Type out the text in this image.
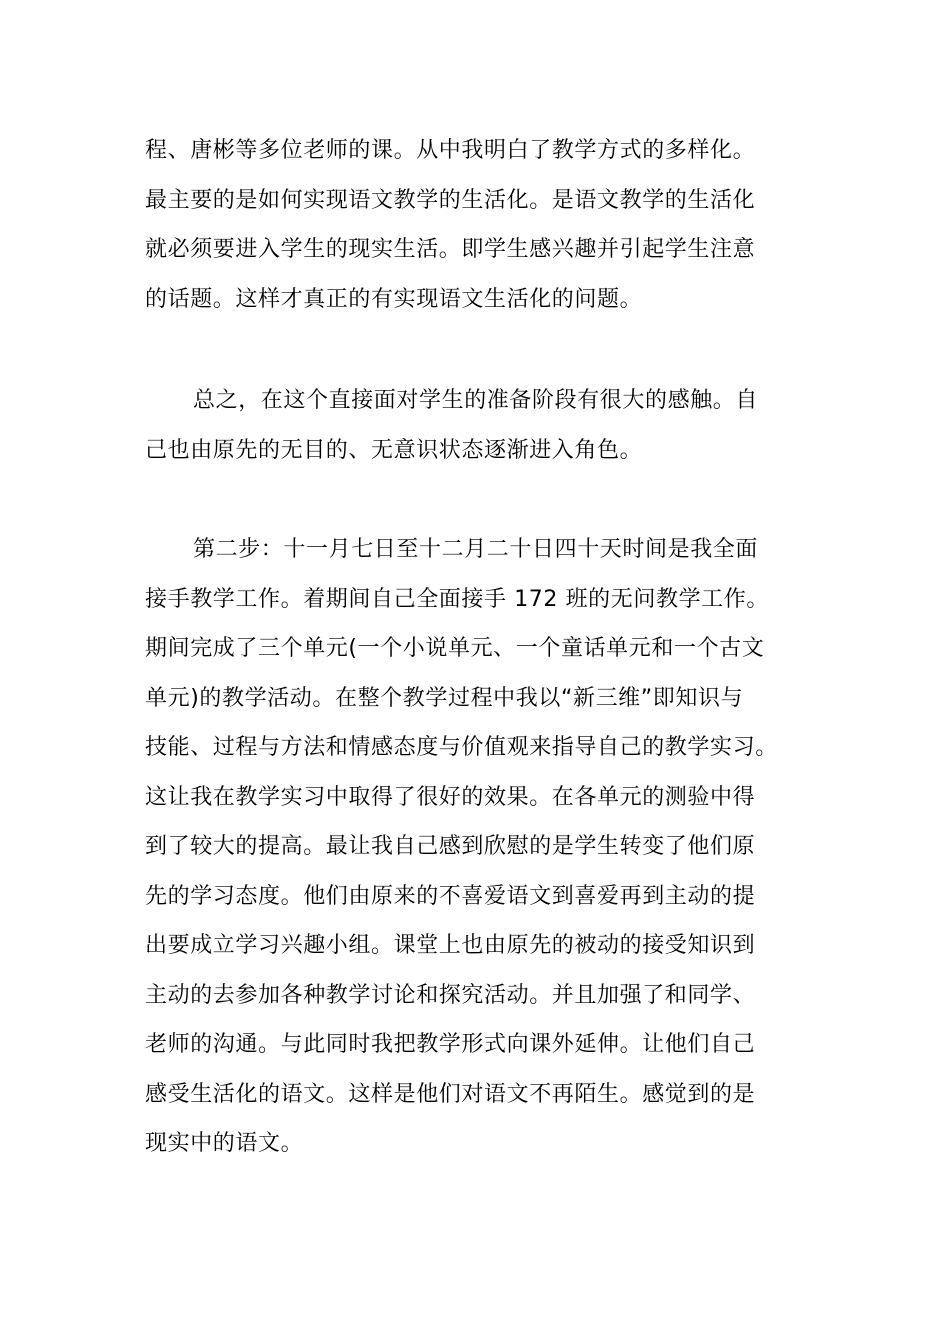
程、唐彬等多位老师的课。从中我明白了教学方式的多样化。
最主要的是如何实现语文教学的生活化。是语文教学的生活化
就必须要进入学生的现实生活。即学生感兴趣并引起学生注意
的话题。这样才真正的有实现语文生活化的问题。
总之，在这个直接面对学生的准备阶段有很大的感触。自
己也由原先的无目的、无意识状态逐渐进入角色。
第二步：十一月七日至十二月二十日四十天时间是我全面
接手教学工作。着期间自己全面接手 172 班的无问教学工作。
期间完成了三个单元(一个小说单元、一个童话单元和一个古文
单元)的教学活动。在整个教学过程中我以“新三维”即知识与
技能、过程与方法和情感态度与价值观来指导自己的教学实习。
这让我在教学实习中取得了很好的效果。在各单元的测验中得
到了较大的提高。最让我自己感到欣慰的是学生转变了他们原
先的学习态度。他们由原来的不喜爱语文到喜爱再到主动的提
出要成立学习兴趣小组。课堂上也由原先的被动的接受知识到
主动的去参加各种教学讨论和探究活动。并且加强了和同学、
老师的沟通。与此同时我把教学形式向课外延伸。让他们自己
感受生活化的语文。这样是他们对语文不再陌生。感觉到的是
现实中的语文。
